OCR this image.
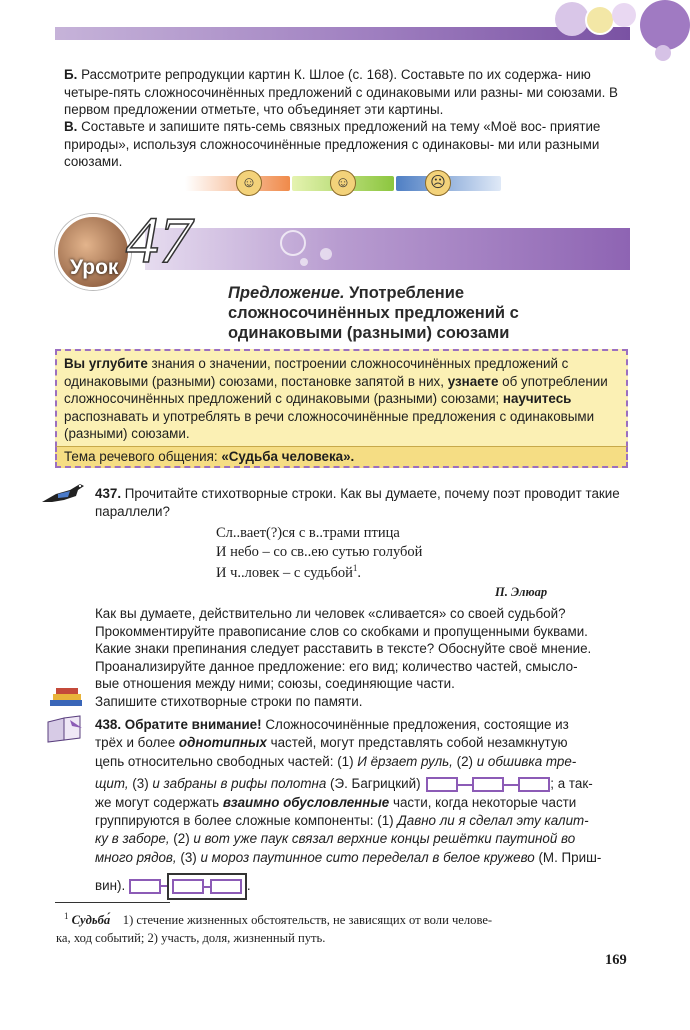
Б. Рассмотрите репродукции картин К. Шлое (с. 168). Составьте по их содержа- нию четыре-пять сложносочинённых предложений с одинаковыми или разны- ми союзами. В первом предложении отметьте, что объединяет эти картины.
В. Составьте и запишите пять-семь связных предложений на тему «Моё вос- приятие природы», используя сложносочинённые предложения с одинаковы- ми или разными союзами.
☺	☺	☹
Урок 47
Предложение. Употребление сложносочинённых предложений с одинаковыми (разными) союзами
Вы углубите знания о значении, построении сложносочинённых предложений с одинаковыми (разными) союзами, постановке запятой в них, узнаете об употреблении сложносочинённых предложений с одинаковыми (разными) союзами; научитесь распознавать и употреблять в речи сложносочинённые предложения с одинаковыми (разными) союзами.
Тема речевого общения: «Судьба человека».
437. Прочитайте стихотворные строки. Как вы думаете, почему поэт проводит такие параллели?
Сл..вает(?)ся с в..трами птица
И небо – со св..ею сутью голубой
И ч..ловек – с судьбой$^1$.
П. Элюар
Как вы думаете, действительно ли человек «сливается» со своей судьбой?
Прокомментируйте правописание слов со скобками и пропущенными буквами.
Какие знаки препинания следует расставить в тексте? Обоснуйте своё мнение.
Проанализируйте данное предложение: его вид; количество частей, смысло-
вые отношения между ними; союзы, соединяющие части.
Запишите стихотворные строки по памяти.
438. Обратите внимание! Сложносочинённые предложения, состоящие из
трёх и более однотипных частей, могут представлять собой незамкнутую
цепь относительно свободных частей: (1) И ёрзает руль, (2) и обшивка тре-
щит, (3) и забраны в рифы полотна (Э. Багрицкий)	; а так-
же могут содержать взаимно обусловленные части, когда некоторые части
группируются в более сложные компоненты: (1) Давно ли я сделал эту калит-
ку в заборе, (2) и вот уже паук связал верхние концы решётки паутиной во
много рядов, (3) и мороз паутинное сито переделал в белое кружево (М. Приш-
вин).	.
$^1$ Судьба́ 1) стечение жизненных обстоятельств, не зависящих от воли челове-
ка, ход событий; 2) участь, доля, жизненный путь.
169
